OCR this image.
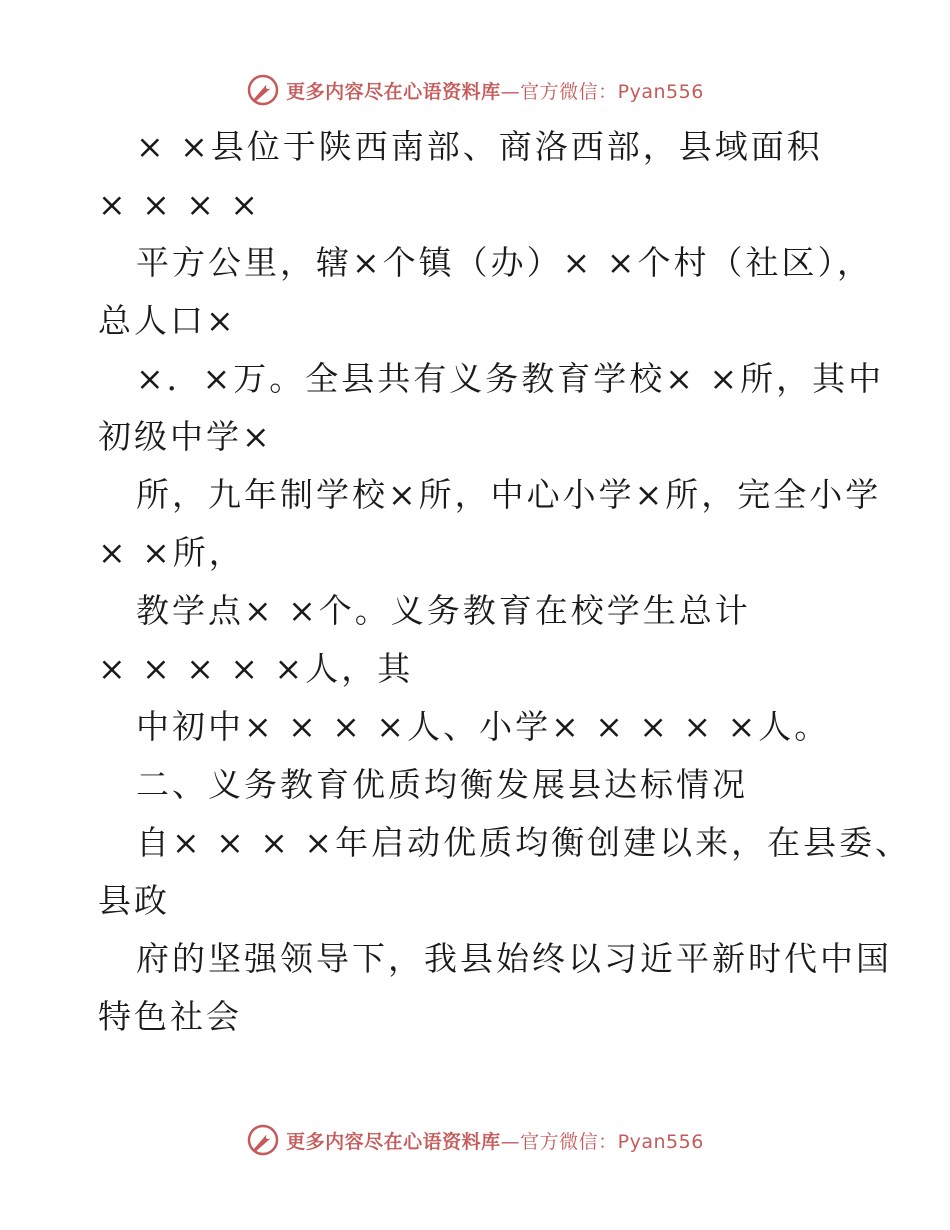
更多内容尽在心语资料库—官方微信：Pyan556
× ×县位于陕西南部、商洛西部，县域面积
× × × ×
平方公里，辖×个镇（办）× ×个村（社区），
总人口×
×．×万。全县共有义务教育学校× ×所，其中
初级中学×
所，九年制学校×所，中心小学×所，完全小学
× ×所，
教学点× ×个。义务教育在校学生总计
× × × × ×人，其
中初中× × × ×人、小学× × × × ×人。
二、义务教育优质均衡发展县达标情况
自× × × ×年启动优质均衡创建以来，在县委、
县政
府的坚强领导下，我县始终以习近平新时代中国
特色社会
更多内容尽在心语资料库—官方微信：Pyan556
